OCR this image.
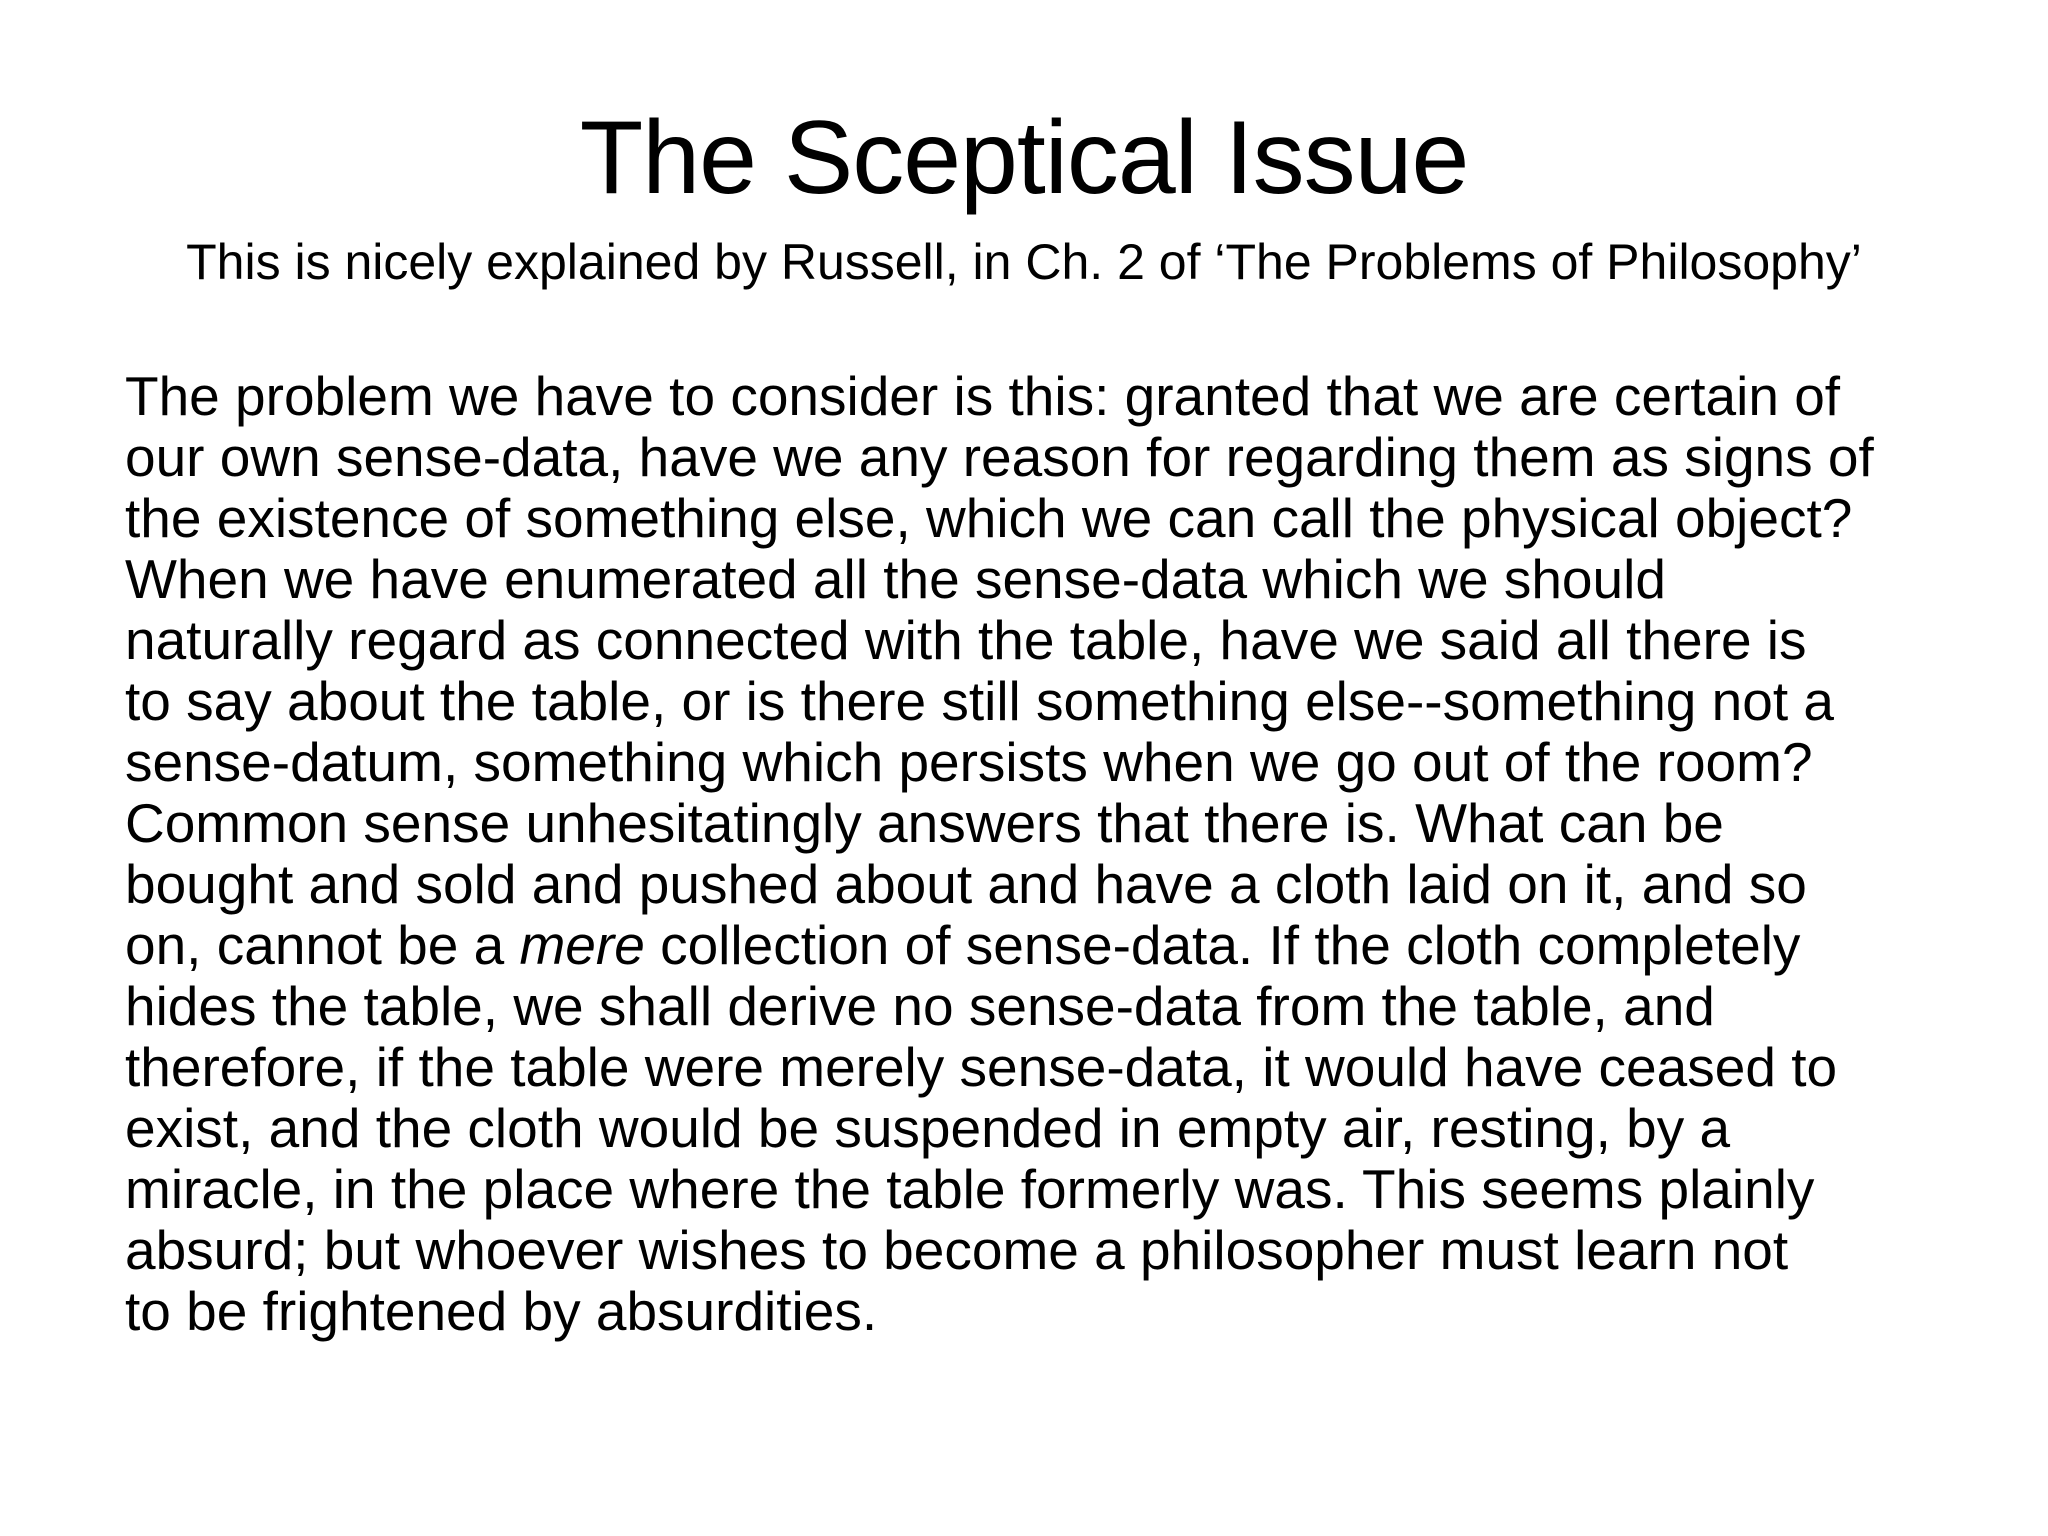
The Sceptical Issue

This is nicely explained by Russell, in Ch. 2 of ‘The Problems of Philosophy’

The problem we have to consider is this: granted that we are certain of
our own sense-data, have we any reason for regarding them as signs of
the existence of something else, which we can call the physical object?
When we have enumerated all the sense-data which we should
naturally regard as connected with the table, have we said all there is
to say about the table, or is there still something else--something not a
sense-datum, something which persists when we go out of the room?
Common sense unhesitatingly answers that there is. What can be
bought and sold and pushed about and have a cloth laid on it, and so
on, cannot be a mere collection of sense-data. If the cloth completely
hides the table, we shall derive no sense-data from the table, and
therefore, if the table were merely sense-data, it would have ceased to
exist, and the cloth would be suspended in empty air, resting, by a
miracle, in the place where the table formerly was. This seems plainly
absurd; but whoever wishes to become a philosopher must learn not
to be frightened by absurdities.
